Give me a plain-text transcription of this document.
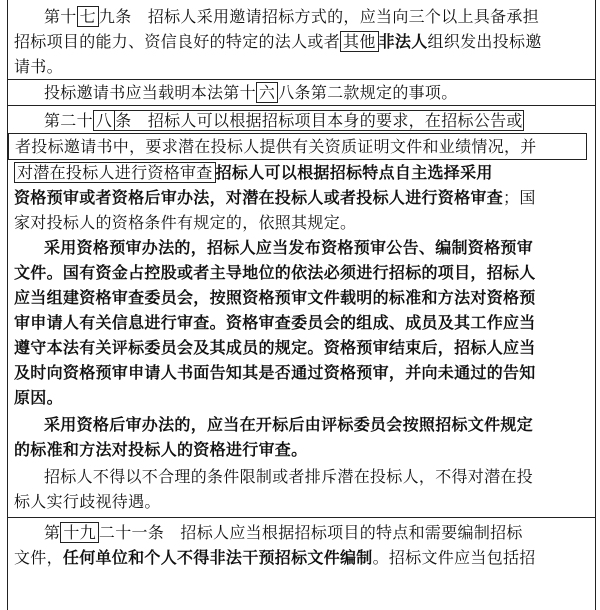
第十 七 九条　招标人采用邀请招标方式的，应当向三个以上具备承担
招标项目的能力、资信良好的特定的法人或者 其他 非法人组织发出投标邀
请书。
投标邀请书应当载明本法第十 六 八条第二款规定的事项。
第二十 八 条　招标人可以根据招标项目本身的要求，在招标公告或
者投标邀请书中，要求潜在投标人提供有关资质证明文件和业绩情况，并
对潜在投标人进行资格审查 招标人可以根据招标特点自主选择采用
资格预审或者资格后审办法，对潜在投标人或者投标人进行资格审查；国
家对投标人的资格条件有规定的，依照其规定。
采用资格预审办法的，招标人应当发布资格预审公告、编制资格预审
文件。国有资金占控股或者主导地位的依法必须进行招标的项目，招标人
应当组建资格审查委员会，按照资格预审文件载明的标准和方法对资格预
审申请人有关信息进行审查。资格审查委员会的组成、成员及其工作应当
遵守本法有关评标委员会及其成员的规定。资格预审结束后，招标人应当
及时向资格预审申请人书面告知其是否通过资格预审，并向未通过的告知
原因。
采用资格后审办法的，应当在开标后由评标委员会按照招标文件规定
的标准和方法对投标人的资格进行审查。
招标人不得以不合理的条件限制或者排斥潜在投标人，不得对潜在投
标人实行歧视待遇。
第 十九 二十一条　招标人应当根据招标项目的特点和需要编制招标
文件，任何单位和个人不得非法干预招标文件编制。招标文件应当包括招
